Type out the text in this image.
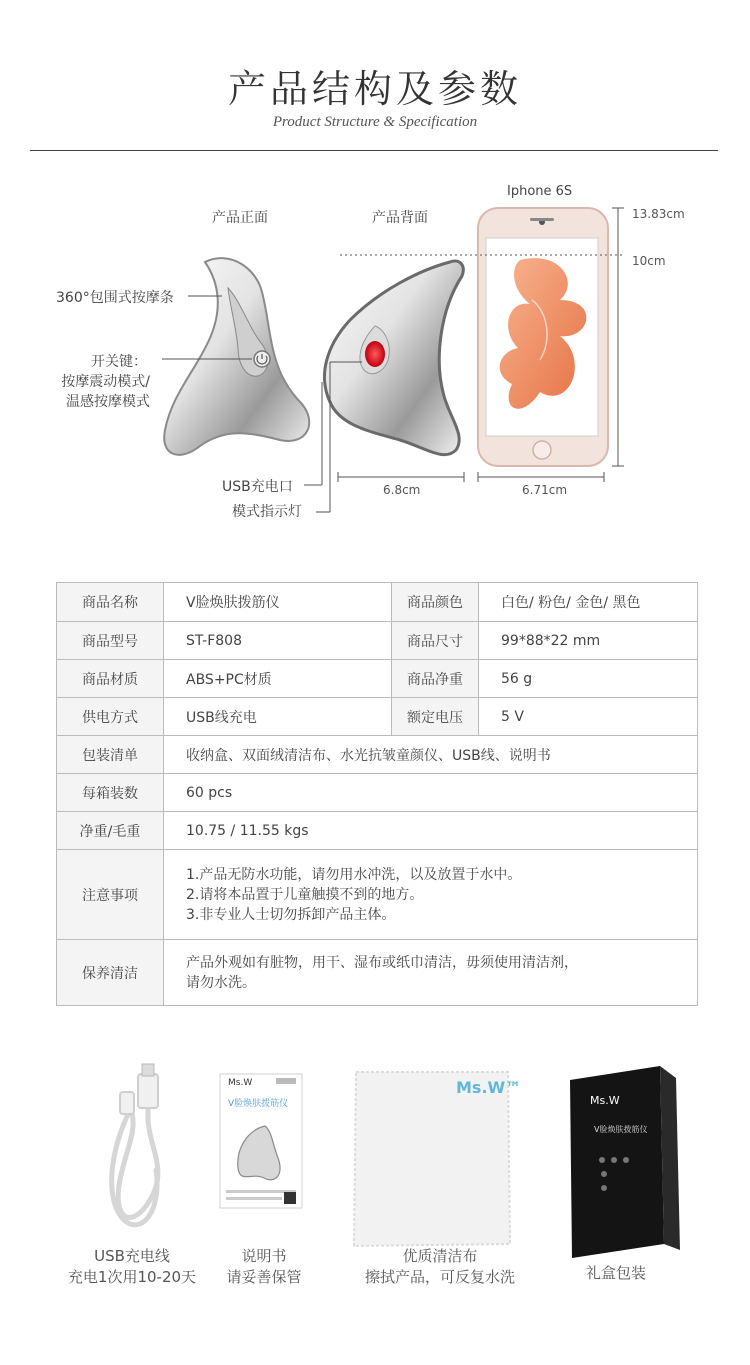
产品结构及参数
Product Structure & Specification
产品正面	产品背面
Iphone 6S
360°包围式按摩条
开关键：
按摩震动模式/
温感按摩模式
USB充电口
模式指示灯
13.83cm
10cm
6.8cm	6.71cm
商品名称	V脸焕肤拨筋仪	商品颜色	白色/ 粉色/ 金色/ 黑色
商品型号	ST-F808	商品尺寸	99*88*22 mm
商品材质	ABS+PC材质	商品净重	56 g
供电方式	USB线充电	额定电压	5 V
包装清单	收纳盒、双面绒清洁布、水光抗皱童颜仪、USB线、说明书		
每箱装数	60 pcs		
净重/毛重	10.75 / 11.55 kgs		
注意事项	1.产品无防水功能，请勿用水冲洗，以及放置于水中。
2.请将本品置于儿童触摸不到的地方。
3.非专业人士切勿拆卸产品主体。		

保养清洁	产品外观如有脏物，用干、湿布或纸巾清洁，毋须使用清洁剂，
请勿水洗。		
Ms.W
V脸焕肤拨筋仪
Ms.W™
Ms.W
V脸焕肤拨筋仪
USB充电线
充电1次用10-20天
说明书
请妥善保管
优质清洁布
擦拭产品，可反复水洗	礼盒包装
